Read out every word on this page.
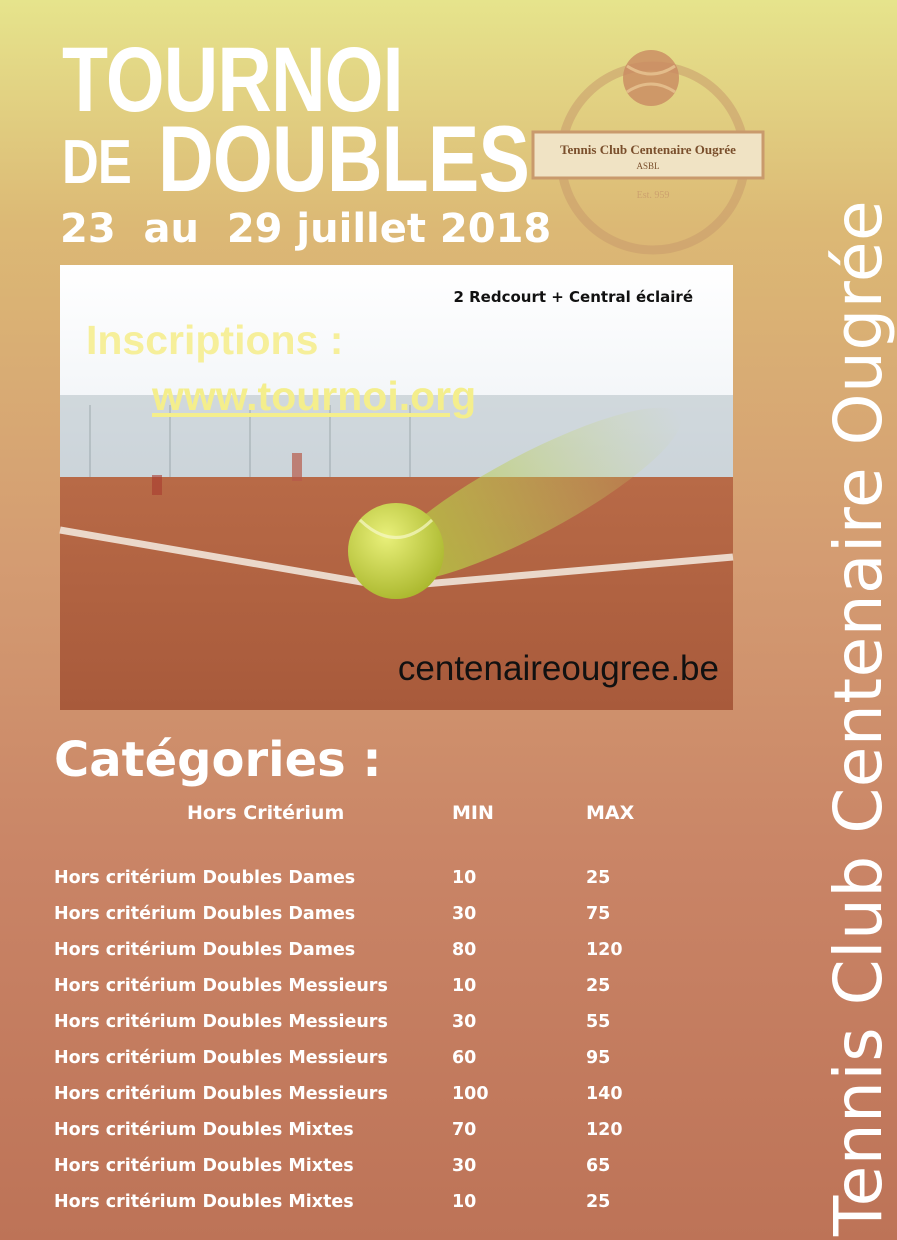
TOURNOI
DE DOUBLES
23  au  29 juillet 2018
Tennis Club Centenaire Ougrée
ASBL
Est. 959
Tennis Club Centenaire Ougrée
2 Redcourt + Central éclairé
Inscriptions :
www.tournoi.org
centenaireougree.be
Catégories :
Hors Critérium	MIN	MAX
Hors critérium Doubles Dames	10	25
Hors critérium Doubles Dames	30	75
Hors critérium Doubles Dames	80	120
Hors critérium Doubles Messieurs	10	25
Hors critérium Doubles Messieurs	30	55
Hors critérium Doubles Messieurs	60	95
Hors critérium Doubles Messieurs	100	140
Hors critérium Doubles Mixtes	70	120
Hors critérium Doubles Mixtes	30	65
Hors critérium Doubles Mixtes	10	25
